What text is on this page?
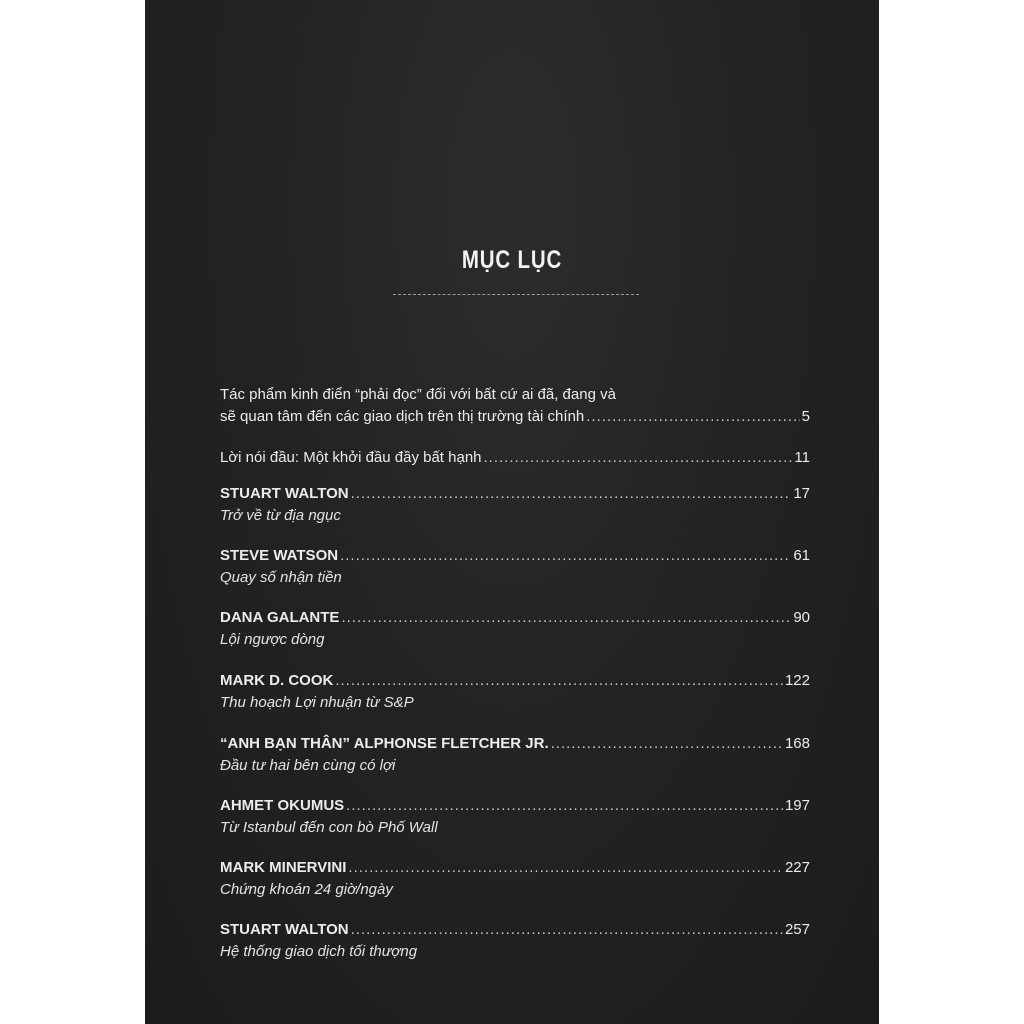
MỤC LỤC
Tác phẩm kinh điển “phải đọc” đối với bất cứ ai đã, đang và
sẽ quan tâm đến các giao dịch trên thị trường tài chính .....	5
Lời nói đầu: Một khởi đầu đầy bất hạnh .....	11
STUART WALTON .....	17
Trở về từ địa ngục
STEVE WATSON .....	61
Quay số nhận tiền
DANA GALANTE .....	90
Lội ngược dòng
MARK D. COOK .....	122
Thu hoạch Lợi nhuận từ S&P
“ANH BẠN THÂN” ALPHONSE FLETCHER JR. .....	168
Đầu tư hai bên cùng có lợi
AHMET OKUMUS .....	197
Từ Istanbul đến con bò Phố Wall
MARK MINERVINI .....	227
Chứng khoán 24 giờ/ngày
STUART WALTON .....	257
Hệ thống giao dịch tối thượng
